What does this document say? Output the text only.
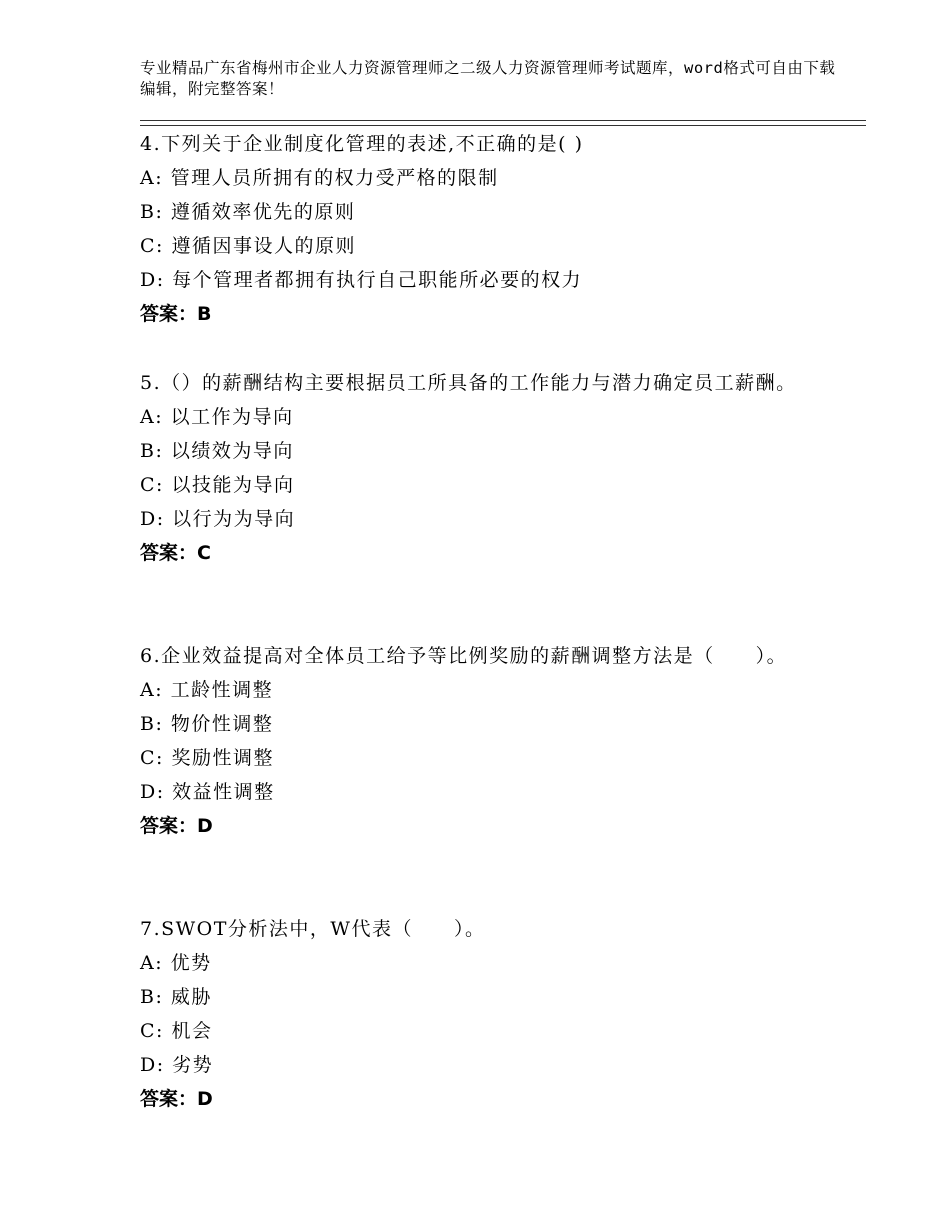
专业精品广东省梅州市企业人力资源管理师之二级人力资源管理师考试题库，word格式可自由下载编辑，附完整答案！

4.下列关于企业制度化管理的表述,不正确的是( )

A: 管理人员所拥有的权力受严格的限制

B: 遵循效率优先的原则

C: 遵循因事设人的原则

D: 每个管理者都拥有执行自己职能所必要的权力

答案：B

5.（）的薪酬结构主要根据员工所具备的工作能力与潜力确定员工薪酬。

A: 以工作为导向

B: 以绩效为导向

C: 以技能为导向

D: 以行为为导向

答案：C

6.企业效益提高对全体员工给予等比例奖励的薪酬调整方法是（　　）。

A: 工龄性调整

B: 物价性调整

C: 奖励性调整

D: 效益性调整

答案：D

7.SWOT分析法中，W代表（　　）。

A: 优势

B: 威胁

C: 机会

D: 劣势

答案：D
